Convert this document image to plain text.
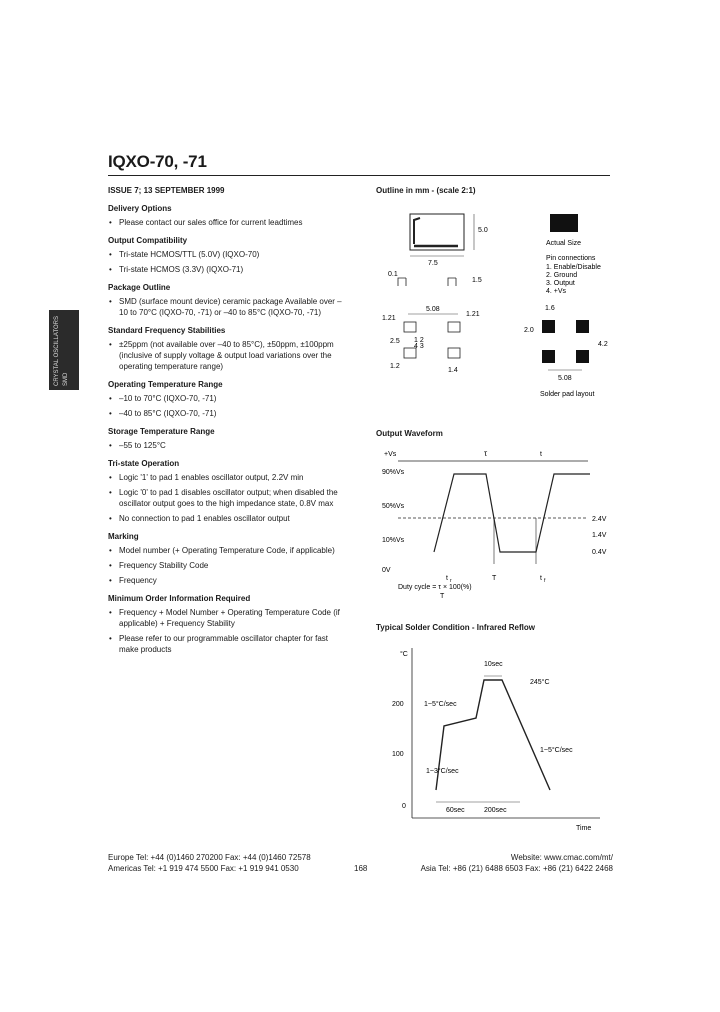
IQXO-70, -71
CRYSTAL OSCILLATORS SMD
ISSUE 7; 13 SEPTEMBER 1999
Delivery Options
• Please contact our sales office for current leadtimes
Output Compatibility
• Tri-state HCMOS/TTL (5.0V) (IQXO-70)
• Tri-state HCMOS (3.3V) (IQXO-71)
Package Outline
• SMD (surface mount device) ceramic package Available over –10 to 70°C (IQXO-70, -71) or –40 to 85°C (IQXO-70, -71)
Standard Frequency Stabilities
• ±25ppm (not available over –40 to 85°C), ±50ppm, ±100ppm (inclusive of supply voltage & output load variations over the operating temperature range)
Operating Temperature Range
• –10 to 70°C (IQXO-70, -71)
• –40 to 85°C (IQXO-70, -71)
Storage Temperature Range
• –55 to 125°C
Tri-state Operation
• Logic '1' to pad 1 enables oscillator output, 2.2V min
• Logic '0' to pad 1 disables oscillator output; when disabled the oscillator output goes to the high impedance state, 0.8V max
• No connection to pad 1 enables oscillator output
Marking
• Model number (+ Operating Temperature Code, if applicable)
• Frequency Stability Code
• Frequency
Minimum Order Information Required
• Frequency + Model Number + Operating Temperature Code (if applicable) + Frequency Stability
• Please refer to our programmable oscillator chapter for fast make products
Outline in mm - (scale 2:1)
5.0
7.5
0.1
1.5
1.21
5.08
1.21
1 2
4 3
2.5
1.2
1.4
Actual Size
Pin connections
1. Enable/Disable
2. Ground
3. Output
4. +Vs
1.6
2.0
4.2
5.08
Solder pad layout
Output Waveform
+Vs	τ	t
90%Vs
50%Vs
10%Vs
0V
2.4V
1.4V
0.4V
T
t r	t f
Duty cycle = τ × 100(%)
T
Typical Solder Condition - Infrared Reflow
°C
200
100
0
10sec
245°C
1~5°C/sec
1~3°C/sec
1~5°C/sec
60sec	200sec
Time
Europe Tel: +44 (0)1460 270200 Fax: +44 (0)1460 72578	Website: www.cmac.com/mt/
Americas Tel: +1 919 474 5500 Fax: +1 919 941 0530	168	Asia Tel: +86 (21) 6488 6503 Fax: +86 (21) 6422 2468
